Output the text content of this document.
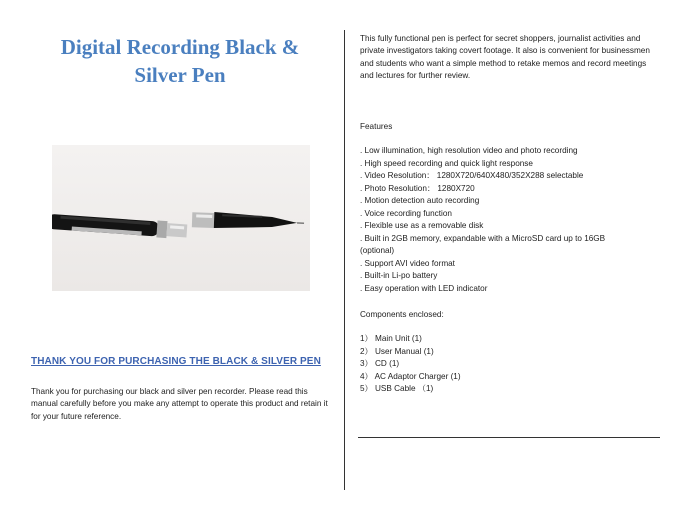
Digital Recording Black &
Silver Pen
THANK YOU FOR PURCHASING THE BLACK & SILVER PEN

Thank you for purchasing our black and silver pen recorder. Please read this manual carefully before you make any attempt to operate this product and retain it for your future reference.

This fully functional pen is perfect for secret shoppers, journalist activities and private investigators taking covert footage. It also is convenient for businessmen and students who want a simple method to retake memos and record meetings and lectures for further review.

Features
. Low illumination, high resolution video and photo recording
. High speed recording and quick light response
. Video Resolution： 1280X720/640X480/352X288 selectable
. Photo Resolution： 1280X720
. Motion detection auto recording
. Voice recording function
. Flexible use as a removable disk
. Built in 2GB memory, expandable with a MicroSD card up to 16GB
(optional)
. Support AVI video format
. Built-in Li-po battery
. Easy operation with LED indicator
Components enclosed:
1） Main Unit (1)
2） User Manual (1)
3） CD (1)
4） AC Adaptor Charger (1)
5） USB Cable （1)
